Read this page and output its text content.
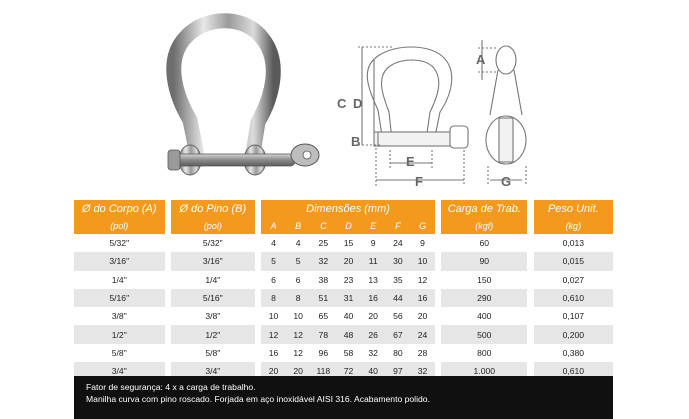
C D
B
E
F
A
G
Ø do Corpo (A)		Ø do Pino (B)		Dimensões (mm)								Carga de Trab.		Peso Unit.
(pol)		(pol)		A	B	C	D	E	F	G		(kgf)		(kg)
5/32"		5/32"		4	4	25	15	9	24	9		60		0,013
3/16"		3/16"		5	5	32	20	11	30	10		90		0,015
1/4"		1/4"		6	6	38	23	13	35	12		150		0,027
5/16"		5/16"		8	8	51	31	16	44	16		290		0,610
3/8"		3/8"		10	10	65	40	20	56	20		400		0,107
1/2"		1/2"		12	12	78	48	26	67	24		500		0,200
5/8"		5/8"		16	12	96	58	32	80	28		800		0,380
3/4"		3/4"		20	20	118	72	40	97	32		1.000		0,610
Fator de segurança: 4 x a carga de trabalho.
Manilha curva com pino roscado. Forjada em aço inoxidável AISI 316. Acabamento polido.
